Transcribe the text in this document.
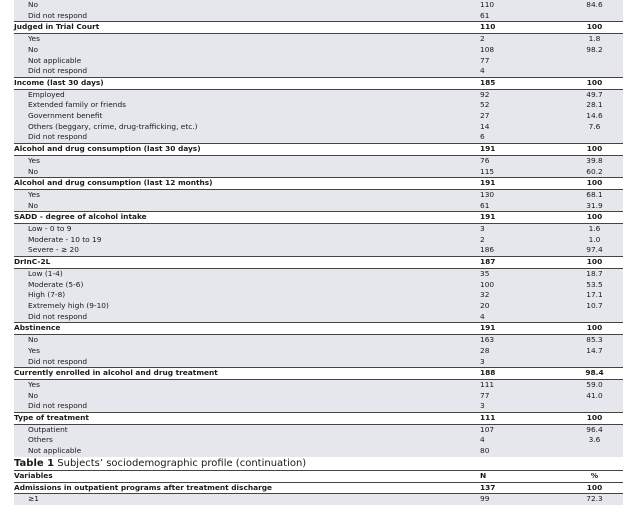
No	110	84.6
Did not respond	61	
Judged in Trial Court	110	100
Yes	2	1.8
No	108	98.2
Not applicable	77	
Did not respond	4	
Income (last 30 days)	185	100
Employed	92	49.7
Extended family or friends	52	28.1
Government benefit	27	14.6
Others (beggary, crime, drug-trafficking, etc.)	14	7.6
Did not respond	6	
Alcohol and drug consumption (last 30 days)	191	100
Yes	76	39.8
No	115	60.2
Alcohol and drug consumption (last 12 months)	191	100
Yes	130	68.1
No	61	31.9
SADD - degree of alcohol intake	191	100
Low - 0 to 9	3	1.6
Moderate - 10 to 19	2	1.0
Severe - ≥ 20	186	97.4
DrInC-2L	187	100
Low (1-4)	35	18.7
Moderate (5-6)	100	53.5
High (7-8)	32	17.1
Extremely high (9-10)	20	10.7
Did not respond	4	
Abstinence	191	100
No	163	85.3
Yes	28	14.7
Did not respond	3	
Currently enrolled in alcohol and drug treatment	188	98.4
Yes	111	59.0
No	77	41.0
Did not respond	3	
Type of treatment	111	100
Outpatient	107	96.4
Others	4	3.6
Not applicable	80	
Table 1 Subjects’ sociodemographic profile (continuation)
Variables	N	%
Admissions in outpatient programs after treatment discharge	137	100
≥1	99	72.3
